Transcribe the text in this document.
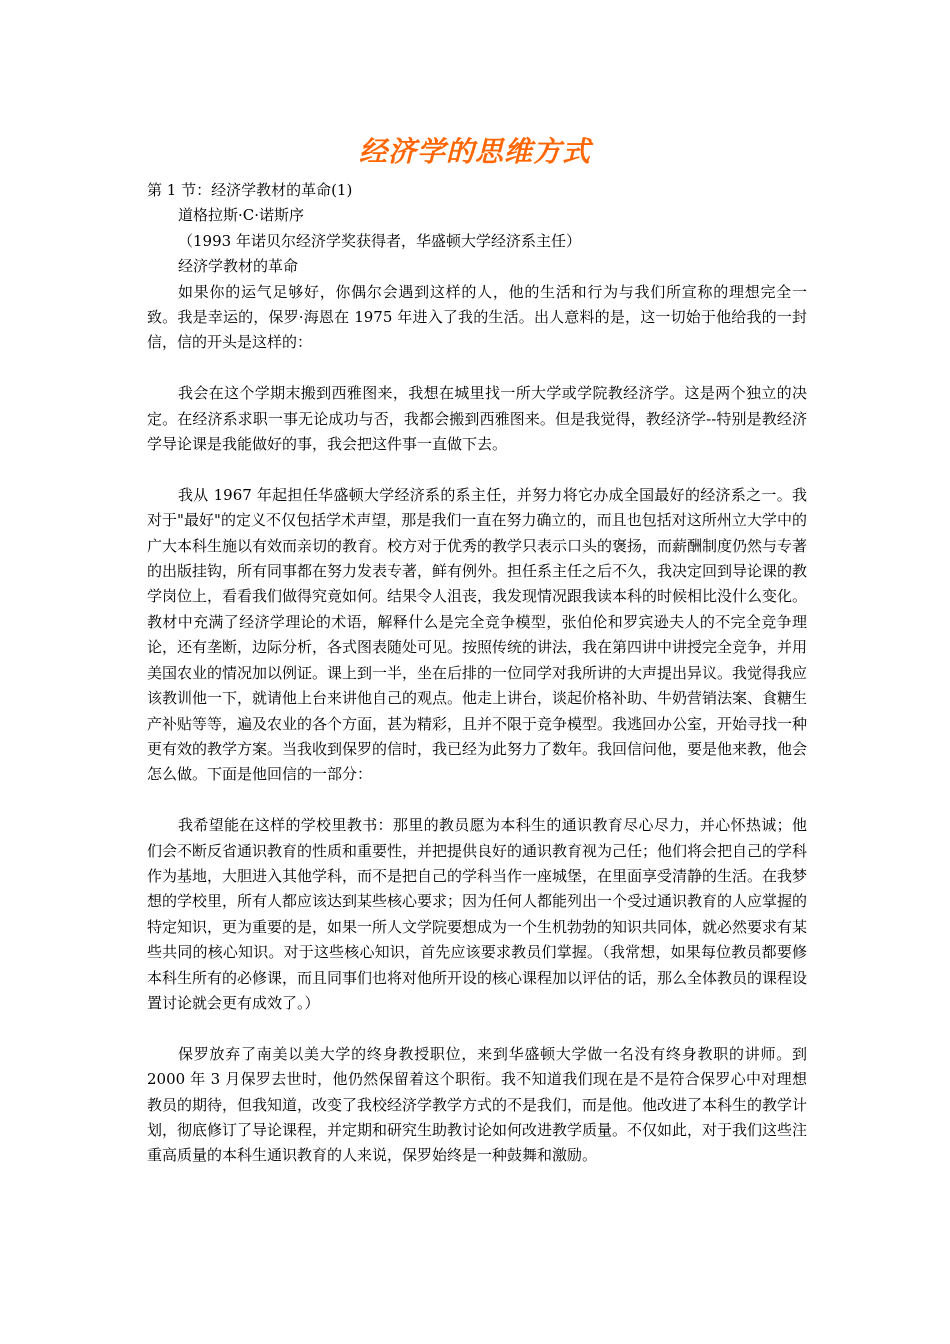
经济学的思维方式
第 1 节：经济学教材的革命(1)
道格拉斯·C·诺斯序
（1993 年诺贝尔经济学奖获得者，华盛顿大学经济系主任）
经济学教材的革命

如果你的运气足够好，你偶尔会遇到这样的人，他的生活和行为与我们所宣称的理想完全一致。我是幸运的，保罗·海恩在 1975 年进入了我的生活。出人意料的是，这一切始于他给我的一封信，信的开头是这样的：

我会在这个学期末搬到西雅图来，我想在城里找一所大学或学院教经济学。这是两个独立的决定。在经济系求职一事无论成功与否，我都会搬到西雅图来。但是我觉得，教经济学--特别是教经济学导论课是我能做好的事，我会把这件事一直做下去。

我从 1967 年起担任华盛顿大学经济系的系主任，并努力将它办成全国最好的经济系之一。我对于"最好"的定义不仅包括学术声望，那是我们一直在努力确立的，而且也包括对这所州立大学中的广大本科生施以有效而亲切的教育。校方对于优秀的教学只表示口头的褒扬，而薪酬制度仍然与专著的出版挂钩，所有同事都在努力发表专著，鲜有例外。担任系主任之后不久，我决定回到导论课的教学岗位上，看看我们做得究竟如何。结果令人沮丧，我发现情况跟我读本科的时候相比没什么变化。教材中充满了经济学理论的术语，解释什么是完全竞争模型，张伯伦和罗宾逊夫人的不完全竞争理论，还有垄断，边际分析，各式图表随处可见。按照传统的讲法，我在第四讲中讲授完全竞争，并用美国农业的情况加以例证。课上到一半，坐在后排的一位同学对我所讲的大声提出异议。我觉得我应该教训他一下，就请他上台来讲他自己的观点。他走上讲台，谈起价格补助、牛奶营销法案、食糖生产补贴等等，遍及农业的各个方面，甚为精彩，且并不限于竞争模型。我逃回办公室，开始寻找一种更有效的教学方案。当我收到保罗的信时，我已经为此努力了数年。我回信问他，要是他来教，他会怎么做。下面是他回信的一部分：

我希望能在这样的学校里教书：那里的教员愿为本科生的通识教育尽心尽力，并心怀热诚；他们会不断反省通识教育的性质和重要性，并把提供良好的通识教育视为己任；他们将会把自己的学科作为基地，大胆进入其他学科，而不是把自己的学科当作一座城堡，在里面享受清静的生活。在我梦想的学校里，所有人都应该达到某些核心要求；因为任何人都能列出一个受过通识教育的人应掌握的特定知识，更为重要的是，如果一所人文学院要想成为一个生机勃勃的知识共同体，就必然要求有某些共同的核心知识。对于这些核心知识，首先应该要求教员们掌握。（我常想，如果每位教员都要修本科生所有的必修课，而且同事们也将对他所开设的核心课程加以评估的话，那么全体教员的课程设置讨论就会更有成效了。）

保罗放弃了南美以美大学的终身教授职位，来到华盛顿大学做一名没有终身教职的讲师。到 2000 年 3 月保罗去世时，他仍然保留着这个职衔。我不知道我们现在是不是符合保罗心中对理想教员的期待，但我知道，改变了我校经济学教学方式的不是我们，而是他。他改进了本科生的教学计划，彻底修订了导论课程，并定期和研究生助教讨论如何改进教学质量。不仅如此，对于我们这些注重高质量的本科生通识教育的人来说，保罗始终是一种鼓舞和激励。
